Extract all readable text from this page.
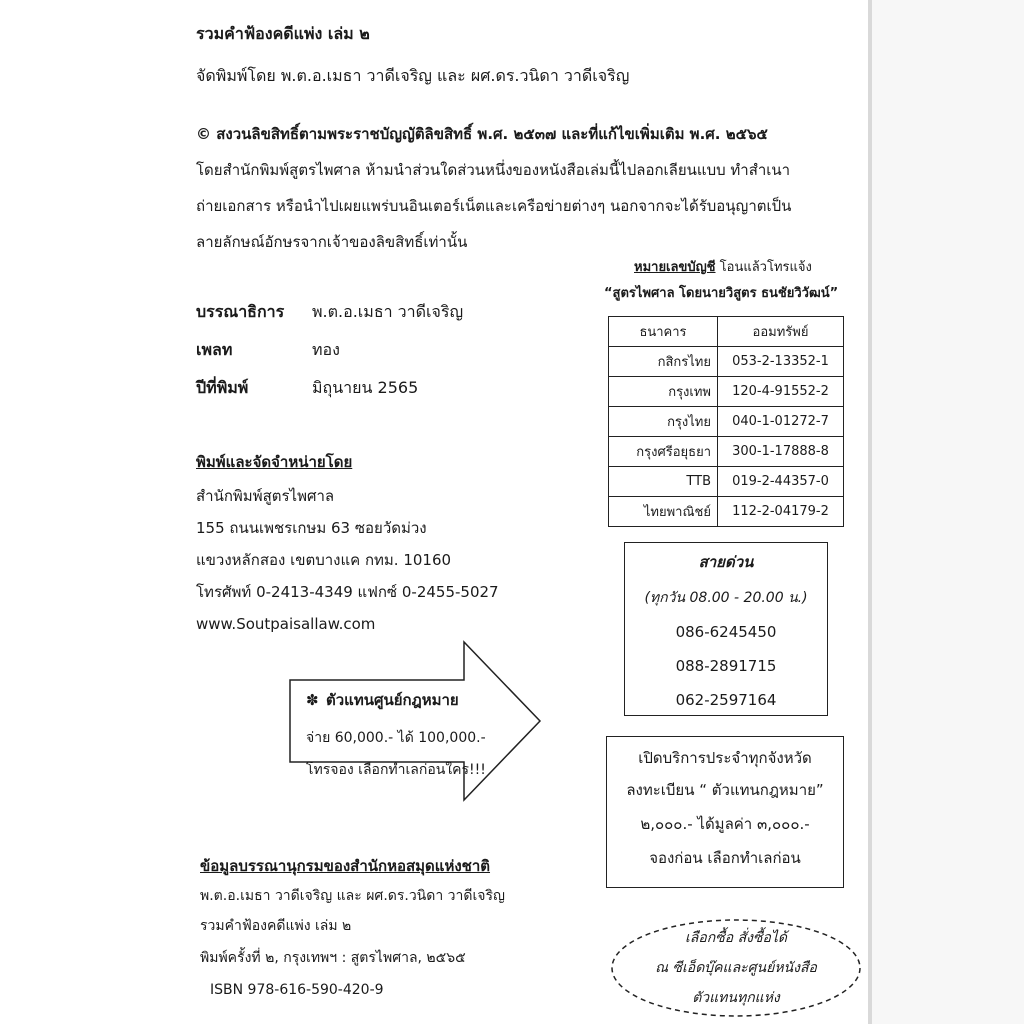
รวมคำฟ้องคดีแพ่ง เล่ม ๒
จัดพิมพ์โดย พ.ต.อ.เมธา วาดีเจริญ และ ผศ.ดร.วนิดา วาดีเจริญ
© สงวนลิขสิทธิ์ตามพระราชบัญญัติลิขสิทธิ์ พ.ศ. ๒๕๓๗ และที่แก้ไขเพิ่มเติม พ.ศ. ๒๕๖๕
โดยสำนักพิมพ์สูตรไพศาล ห้ามนำส่วนใดส่วนหนึ่งของหนังสือเล่มนี้ไปลอกเลียนแบบ ทำสำเนา
ถ่ายเอกสาร หรือนำไปเผยแพร่บนอินเตอร์เน็ตและเครือข่ายต่างๆ นอกจากจะได้รับอนุญาตเป็น
ลายลักษณ์อักษรจากเจ้าของลิขสิทธิ์เท่านั้น
บรรณาธิการ พ.ต.อ.เมธา วาดีเจริญ
เพลท	ทอง
ปีที่พิมพ์	มิถุนายน 2565
พิมพ์และจัดจำหน่ายโดย
สำนักพิมพ์สูตรไพศาล
155 ถนนเพชรเกษม 63 ซอยวัดม่วง
แขวงหลักสอง เขตบางแค กทม. 10160
โทรศัพท์ 0-2413-4349 แฟกซ์ 0-2455-5027
www.Soutpaisallaw.com
✽ ตัวแทนศูนย์กฎหมาย
จ่าย 60,000.- ได้ 100,000.-
โทรจอง เลือกทำเลก่อนใคร!!!
หมายเลขบัญชี โอนแล้วโทรแจ้ง
“สูตรไพศาล โดยนายวิสูตร ธนชัยวิวัฒน์”
ธนาคาร	ออมทรัพย์
กสิกรไทย	053-2-13352-1
กรุงเทพ	120-4-91552-2
กรุงไทย	040-1-01272-7
กรุงศรีอยุธยา	300-1-17888-8
TTB	019-2-44357-0
ไทยพาณิชย์	112-2-04179-2
สายด่วน
(ทุกวัน 08.00 - 20.00 น.)
086-6245450
088-2891715
062-2597164
เปิดบริการประจำทุกจังหวัด
ลงทะเบียน “ ตัวแทนกฎหมาย”
๒,๐๐๐.- ได้มูลค่า ๓,๐๐๐.-
จองก่อน เลือกทำเลก่อน
ข้อมูลบรรณานุกรมของสำนักหอสมุดแห่งชาติ
พ.ต.อ.เมธา วาดีเจริญ และ ผศ.ดร.วนิดา วาดีเจริญ
รวมคำฟ้องคดีแพ่ง เล่ม ๒
พิมพ์ครั้งที่ ๒, กรุงเทพฯ : สูตรไพศาล, ๒๕๖๕
ISBN 978-616-590-420-9
เลือกซื้อ สั่งซื้อได้
ณ ซีเอ็ดบุ๊คและศูนย์หนังสือ
ตัวแทนทุกแห่ง
